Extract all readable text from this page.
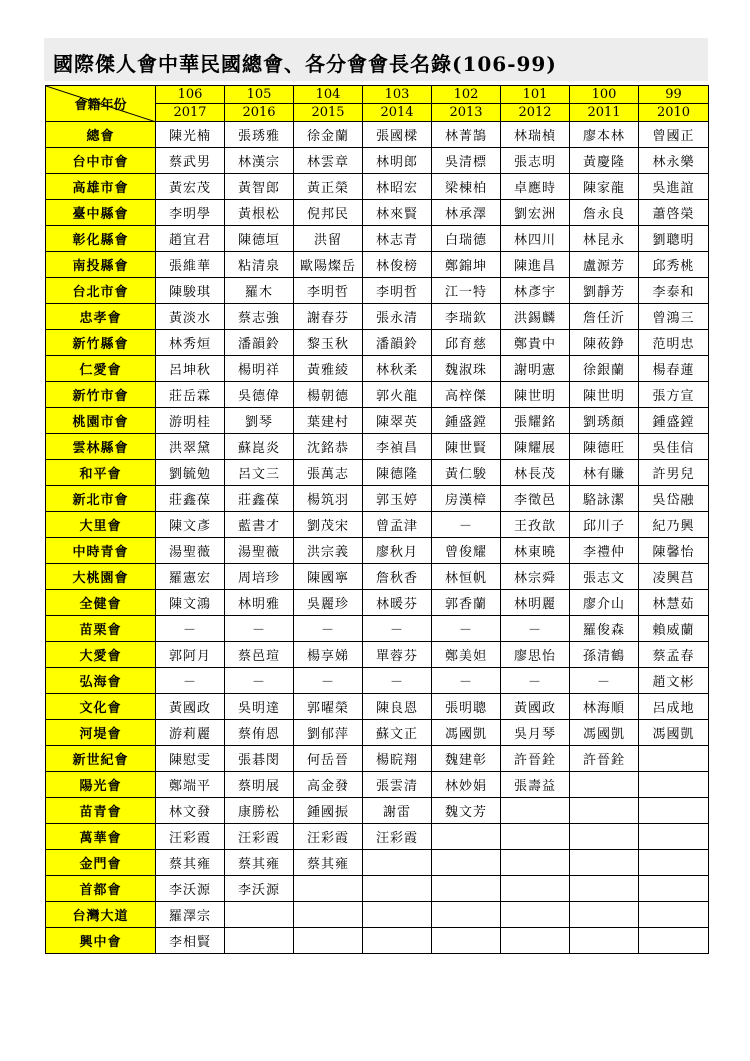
國際傑人會中華民國總會、各分會會長名錄(106-99)
會籍年份	106	105	104	103	102	101	100	99
	2017	2016	2015	2014	2013	2012	2011	2010
總會	陳光楠	張琇雅	徐金蘭	張國樑	林菁鵠	林瑞楨	廖本林	曾國正
台中市會	蔡武男	林漢宗	林雲章	林明郎	吳清標	張志明	黃慶隆	林永樂
高雄市會	黃宏茂	黃智郎	黃正榮	林昭宏	梁棟柏	卓應時	陳家龍	吳進誼
臺中縣會	李明學	黃根松	倪邦民	林來賢	林承澤	劉宏洲	詹永良	蕭啓榮
彰化縣會	趙宜君	陳德垣	洪留	林志青	白瑞德	林四川	林昆永	劉聰明
南投縣會	張維華	粘清泉	歐陽燦岳	林俊榜	鄭錦坤	陳進昌	盧源芳	邱秀桃
台北市會	陳駿琪	羅木	李明哲	李明哲	江一特	林彥宇	劉靜芳	李泰和
忠孝會	黃淡水	蔡志強	謝春芬	張永清	李瑞欽	洪錫麟	詹任沂	曾鴻三
新竹縣會	林秀烜	潘韻鈴	黎玉秋	潘韻鈴	邱育慈	鄭貴中	陳莜錚	范明忠
仁愛會	呂坤秋	楊明祥	黃雅綾	林秋柔	魏淑珠	謝明憲	徐銀蘭	楊春蓮
新竹市會	莊岳霖	吳德偉	楊朝德	郭火龍	高梓傑	陳世明	陳世明	張方宣
桃園市會	游明桂	劉琴	葉建村	陳翠英	鍾盛鏜	張耀銘	劉琇顏	鍾盛鏜
雲林縣會	洪翠黛	蘇崑炎	沈銘恭	李禎昌	陳世賢	陳耀展	陳德旺	吳佳信
和平會	劉毓勉	呂文三	張萬志	陳德隆	黃仁駿	林長茂	林有賺	許男兒
新北市會	莊鑫葆	莊鑫葆	楊筑羽	郭玉婷	房漢樟	李徵邑	駱詠潔	吳岱融
大里會	陳文彥	藍書才	劉茂宋	曾孟津	－	王孜歆	邱川子	紀乃興
中時青會	湯聖薇	湯聖薇	洪宗義	廖秋月	曾俊耀	林東曉	李禮仲	陳馨怡
大桃園會	羅憲宏	周培珍	陳國寧	詹秋香	林恒帆	林宗舜	張志文	凌興莒
全健會	陳文鴻	林明雅	吳麗珍	林暖芬	郭香蘭	林明麗	廖介山	林慧茹
苗栗會	－	－	－	－	－	－	羅俊森	賴威蘭
大愛會	郭阿月	蔡邑瑄	楊享娣	單蓉芬	鄭美妲	廖思怡	孫清鶴	蔡孟春
弘海會	－	－	－	－	－	－	－	趙文彬
文化會	黃國政	吳明達	郭曜榮	陳良恩	張明聰	黃國政	林海順	呂成地
河堤會	游莉麗	蔡侑恩	劉郁萍	蘇文正	馮國凱	吳月琴	馮國凱	馮國凱
新世紀會	陳慰雯	張碁閔	何岳晉	楊睆翔	魏建彰	許晉銓	許晉銓	
陽光會	鄭端平	蔡明展	高金發	張雲清	林妙娟	張壽益		
苗青會	林文發	康勝松	鍾國振	謝雷	魏文芳			
萬華會	汪彩霞	汪彩霞	汪彩霞	汪彩霞				
金門會	蔡其雍	蔡其雍	蔡其雍					
首都會	李沃源	李沃源						
台灣大道	羅澤宗							
興中會	李相賢							
